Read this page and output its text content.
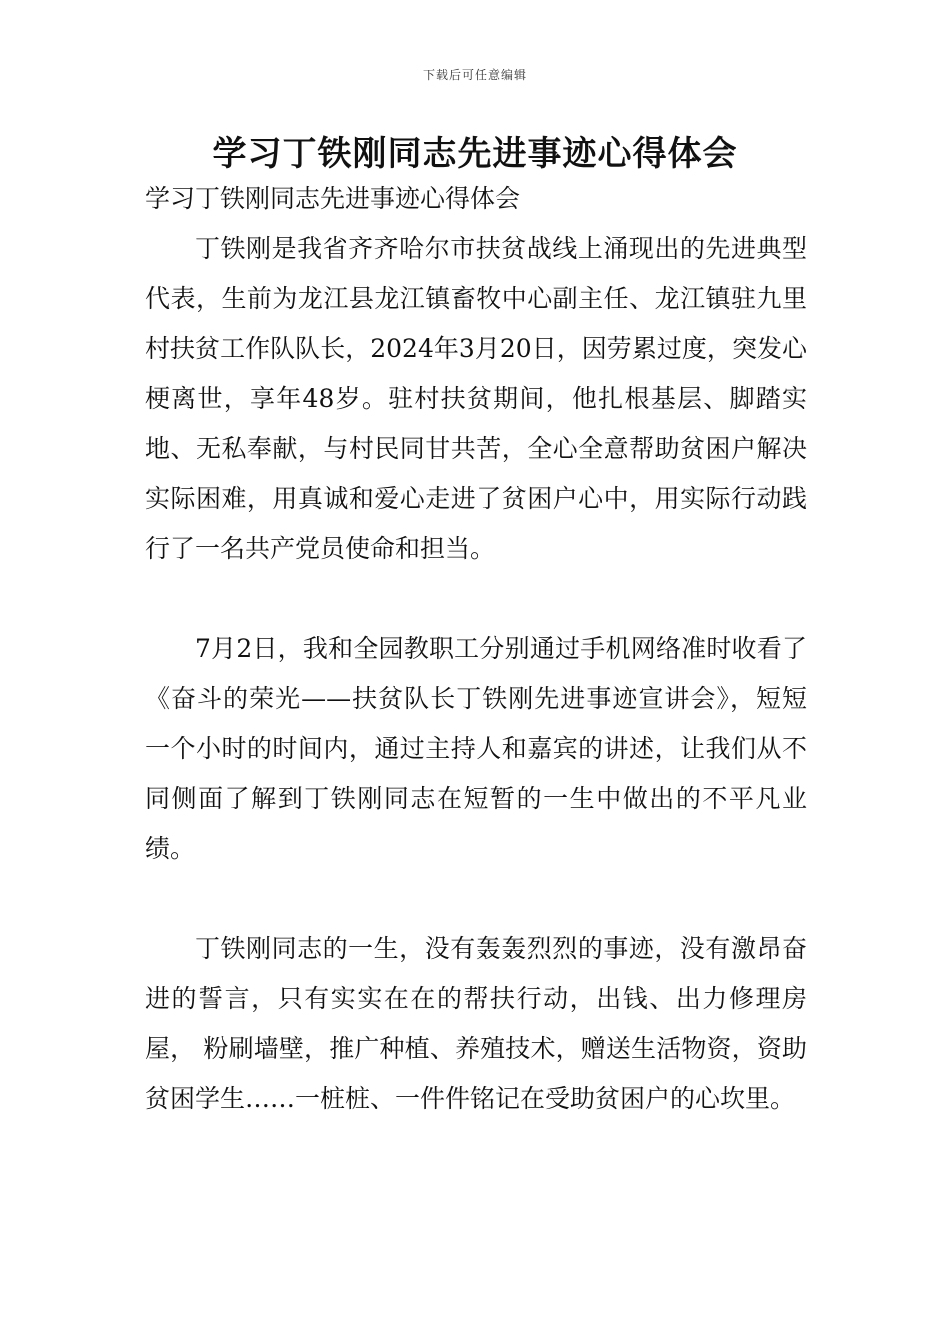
下载后可任意编辑
学习丁铁刚同志先进事迹心得体会

学习丁铁刚同志先进事迹心得体会

丁铁刚是我省齐齐哈尔市扶贫战线上涌现出的先进典型代表，生前为龙江县龙江镇畜牧中心副主任、龙江镇驻九里村扶贫工作队队长，2024年3月20日，因劳累过度，突发心梗离世，享年48岁。驻村扶贫期间，他扎根基层、脚踏实地、无私奉献，与村民同甘共苦，全心全意帮助贫困户解决实际困难，用真诚和爱心走进了贫困户心中，用实际行动践行了一名共产党员使命和担当。

7月2日，我和全园教职工分别通过手机网络准时收看了《奋斗的荣光——扶贫队长丁铁刚先进事迹宣讲会》，短短一个小时的时间内，通过主持人和嘉宾的讲述，让我们从不同侧面了解到丁铁刚同志在短暂的一生中做出的不平凡业绩。

丁铁刚同志的一生，没有轰轰烈烈的事迹，没有激昂奋进的誓言，只有实实在在的帮扶行动，出钱、出力修理房屋， 粉刷墙壁，推广种植、养殖技术，赠送生活物资，资助贫困学生……一桩桩、一件件铭记在受助贫困户的心坎里。
